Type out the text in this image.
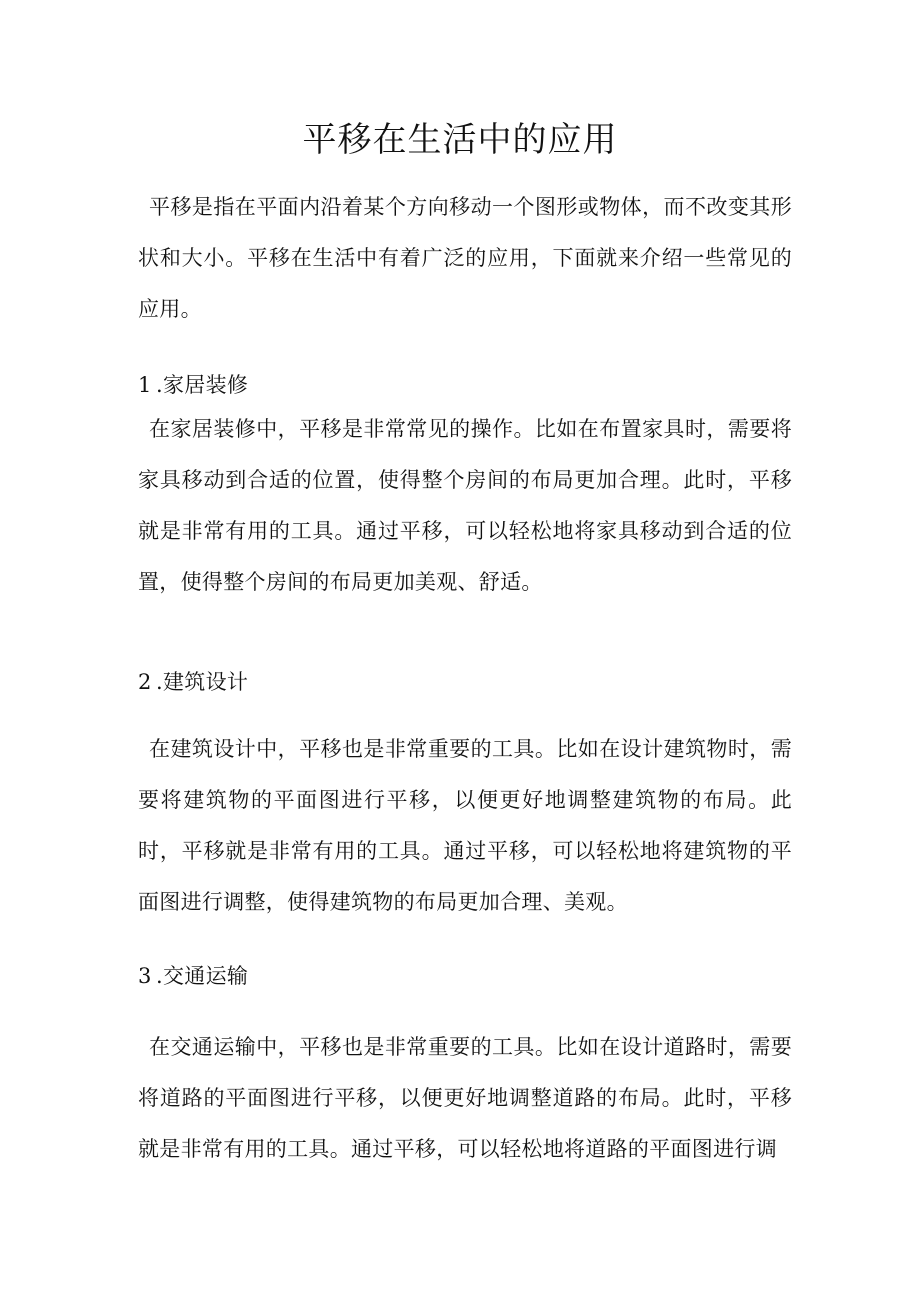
平移在生活中的应用

平移是指在平面内沿着某个方向移动一个图形或物体，而不改变其形状和大小。平移在生活中有着广泛的应用，下面就来介绍一些常见的应用。

1 .家居装修

在家居装修中，平移是非常常见的操作。比如在布置家具时，需要将家具移动到合适的位置，使得整个房间的布局更加合理。此时，平移就是非常有用的工具。通过平移，可以轻松地将家具移动到合适的位置，使得整个房间的布局更加美观、舒适。

2 .建筑设计

在建筑设计中，平移也是非常重要的工具。比如在设计建筑物时，需要将建筑物的平面图进行平移，以便更好地调整建筑物的布局。此时，平移就是非常有用的工具。通过平移，可以轻松地将建筑物的平面图进行调整，使得建筑物的布局更加合理、美观。

3 .交通运输

在交通运输中，平移也是非常重要的工具。比如在设计道路时，需要将道路的平面图进行平移，以便更好地调整道路的布局。此时，平移就是非常有用的工具。通过平移，可以轻松地将道路的平面图进行调
